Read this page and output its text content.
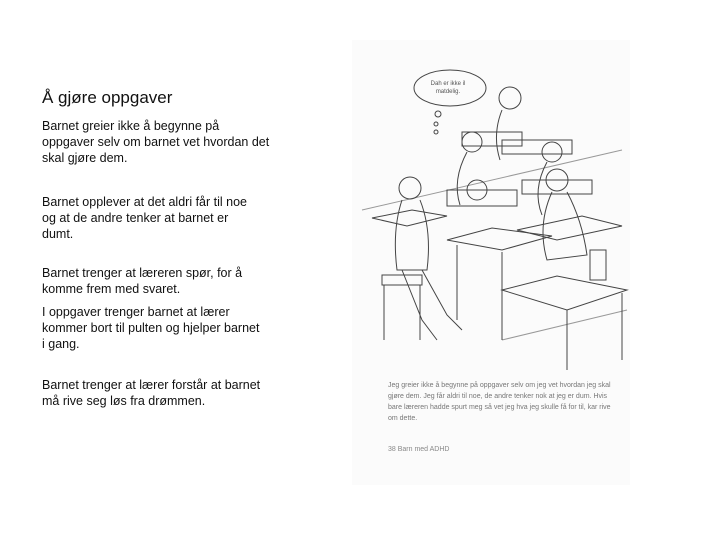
Å gjøre oppgaver

Barnet greier ikke å begynne på oppgaver selv om barnet vet hvordan det skal gjøre dem.

Barnet opplever at det aldri får til noe og at de andre tenker at barnet er dumt.

Barnet trenger at læreren spør, for å komme frem med svaret.

I oppgaver trenger barnet at lærer kommer bort til pulten og hjelper barnet i gang.

Barnet trenger at lærer forstår at barnet må rive seg løs fra drømmen.

Dah er ikke il matdelig.
Jeg greier ikke å begynne på oppgaver selv om jeg vet hvordan jeg skal gjøre dem. Jeg får aldri til noe, de andre tenker nok at jeg er dum. Hvis bare læreren hadde spurt meg så vet jeg hva jeg skulle få for til, kar rive om dette.
38 Barn med ADHD
